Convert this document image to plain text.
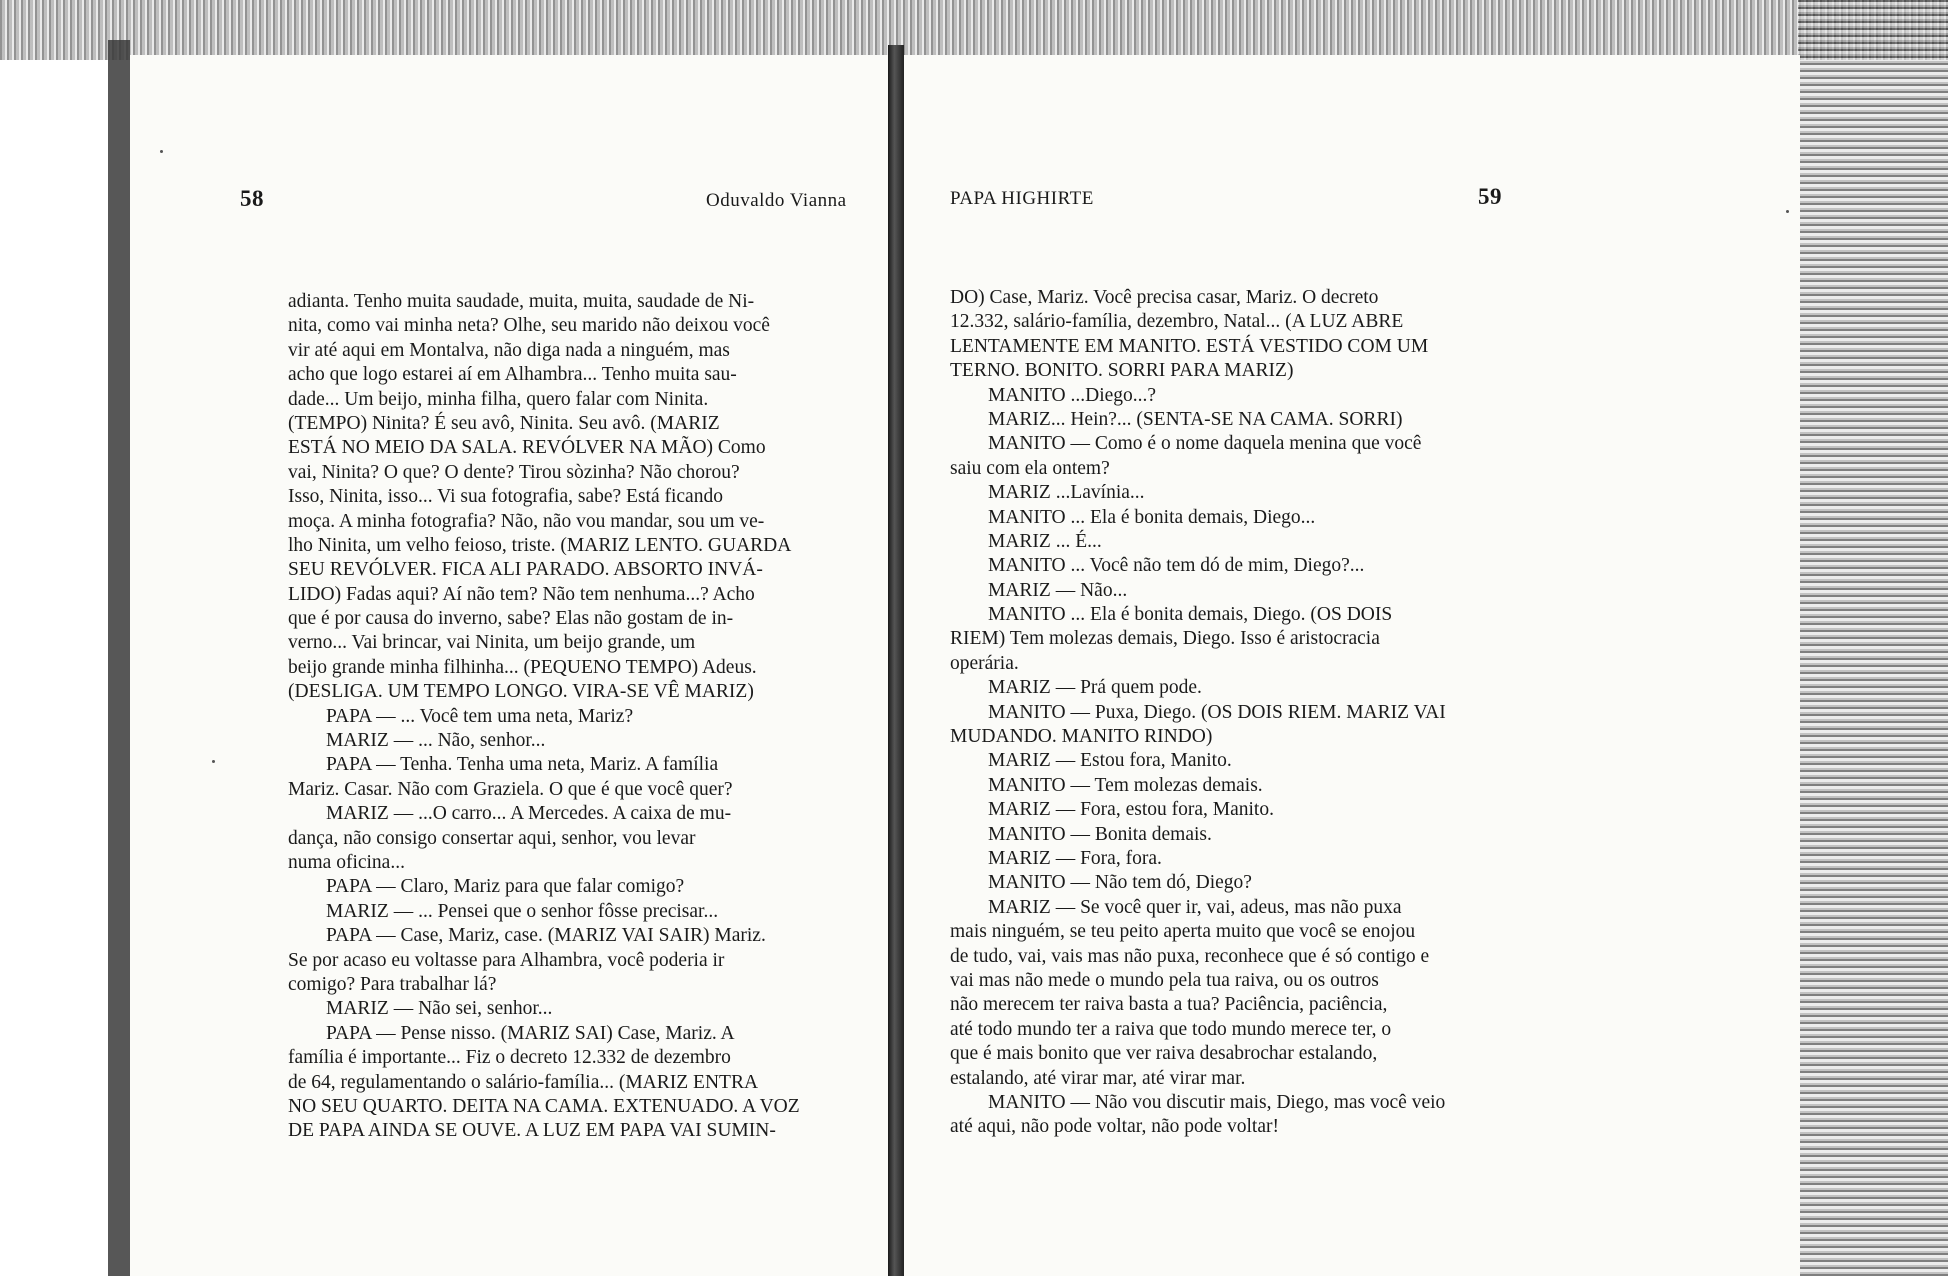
58	Oduvaldo Vianna	PAPA HIGHIRTE	59
adianta. Tenho muita saudade, muita, muita, saudade de Ni-
nita, como vai minha neta? Olhe, seu marido não deixou você
vir até aqui em Montalva, não diga nada a ninguém, mas
acho que logo estarei aí em Alhambra... Tenho muita sau-
dade... Um beijo, minha filha, quero falar com Ninita.
(TEMPO) Ninita? É seu avô, Ninita. Seu avô. (MARIZ
ESTÁ NO MEIO DA SALA. REVÓLVER NA MÃO) Como
vai, Ninita? O que? O dente? Tirou sòzinha? Não chorou?
Isso, Ninita, isso... Vi sua fotografia, sabe? Está ficando
moça. A minha fotografia? Não, não vou mandar, sou um ve-
lho Ninita, um velho feioso, triste. (MARIZ LENTO. GUARDA
SEU REVÓLVER. FICA ALI PARADO. ABSORTO INVÁ-
LIDO) Fadas aqui? Aí não tem? Não tem nenhuma...? Acho
que é por causa do inverno, sabe? Elas não gostam de in-
verno... Vai brincar, vai Ninita, um beijo grande, um
beijo grande minha filhinha... (PEQUENO TEMPO) Adeus.
(DESLIGA. UM TEMPO LONGO. VIRA-SE VÊ MARIZ)
PAPA — ... Você tem uma neta, Mariz?
MARIZ — ... Não, senhor...
PAPA — Tenha. Tenha uma neta, Mariz. A família
Mariz. Casar. Não com Graziela. O que é que você quer?
MARIZ — ...O carro... A Mercedes. A caixa de mu-
dança, não consigo consertar aqui, senhor, vou levar
numa oficina...
PAPA — Claro, Mariz para que falar comigo?
MARIZ — ... Pensei que o senhor fôsse precisar...
PAPA — Case, Mariz, case. (MARIZ VAI SAIR) Mariz.
Se por acaso eu voltasse para Alhambra, você poderia ir
comigo? Para trabalhar lá?
MARIZ — Não sei, senhor...
PAPA — Pense nisso. (MARIZ SAI) Case, Mariz. A
família é importante... Fiz o decreto 12.332 de dezembro
de 64, regulamentando o salário-família... (MARIZ ENTRA
NO SEU QUARTO. DEITA NA CAMA. EXTENUADO. A VOZ
DE PAPA AINDA SE OUVE. A LUZ EM PAPA VAI SUMIN-
DO) Case, Mariz. Você precisa casar, Mariz. O decreto
12.332, salário-família, dezembro, Natal... (A LUZ ABRE
LENTAMENTE EM MANITO. ESTÁ VESTIDO COM UM
TERNO. BONITO. SORRI PARA MARIZ)
MANITO ...Diego...?
MARIZ... Hein?... (SENTA-SE NA CAMA. SORRI)
MANITO — Como é o nome daquela menina que você
saiu com ela ontem?
MARIZ ...Lavínia...
MANITO ... Ela é bonita demais, Diego...
MARIZ ... É...
MANITO ... Você não tem dó de mim, Diego?...
MARIZ — Não...
MANITO ... Ela é bonita demais, Diego. (OS DOIS
RIEM) Tem molezas demais, Diego. Isso é aristocracia
operária.
MARIZ — Prá quem pode.
MANITO — Puxa, Diego. (OS DOIS RIEM. MARIZ VAI
MUDANDO. MANITO RINDO)
MARIZ — Estou fora, Manito.
MANITO — Tem molezas demais.
MARIZ — Fora, estou fora, Manito.
MANITO — Bonita demais.
MARIZ — Fora, fora.
MANITO — Não tem dó, Diego?
MARIZ — Se você quer ir, vai, adeus, mas não puxa
mais ninguém, se teu peito aperta muito que você se enojou
de tudo, vai, vais mas não puxa, reconhece que é só contigo e
vai mas não mede o mundo pela tua raiva, ou os outros
não merecem ter raiva basta a tua? Paciência, paciência,
até todo mundo ter a raiva que todo mundo merece ter, o
que é mais bonito que ver raiva desabrochar estalando,
estalando, até virar mar, até virar mar.
MANITO — Não vou discutir mais, Diego, mas você veio
até aqui, não pode voltar, não pode voltar!
